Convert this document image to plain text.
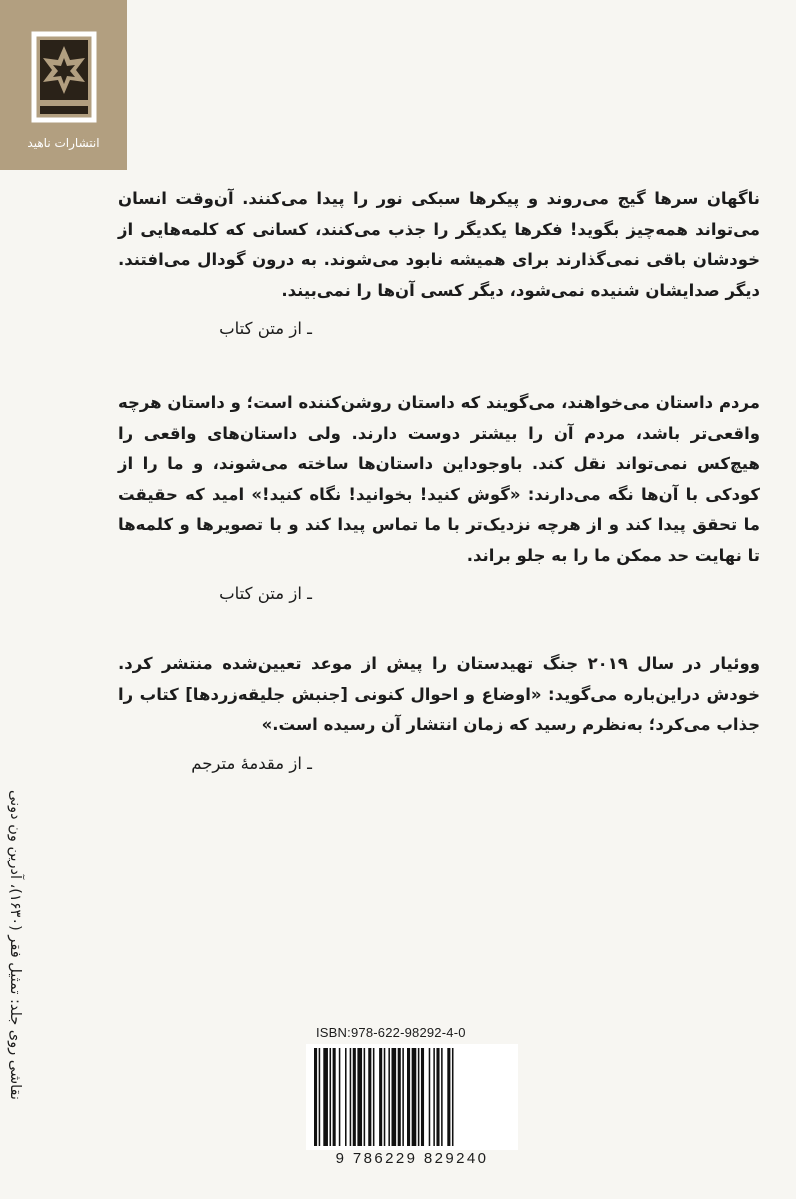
انتشارات ناهید

ناگهان سرها گیج می‌روند و پیکرها سبکی نور را پیدا می‌کنند. آن‌وقت انسان می‌تواند همه‌چیز بگوید! فکرها یکدیگر را جذب می‌کنند، کسانی که کلمه‌هایی از خودشان باقی نمی‌گذارند برای همیشه نابود می‌شوند. به درون گودال می‌افتند. دیگر صدایشان شنیده نمی‌شود، دیگر کسی آن‌ها را نمی‌بیند.

ـ از متن کتاب

مردم داستان می‌خواهند، می‌گویند که داستان روشن‌کننده است؛ و داستان هرچه واقعی‌تر باشد، مردم آن را بیشتر دوست دارند. ولی داستان‌های واقعی را هیچ‌کس نمی‌تواند نقل کند. باوجوداین داستان‌ها ساخته می‌شوند، و ما را از کودکی با آن‌ها نگه می‌دارند: «گوش کنید! بخوانید! نگاه کنید!» امید که حقیقت ما تحقق پیدا کند و از هرچه نزدیک‌تر با ما تماس پیدا کند و با تصویرها و کلمه‌ها تا نهایت حد ممکن ما را به جلو براند.

ـ از متن کتاب

ووئیار در سال ۲۰۱۹ جنگ تهیدستان را پیش از موعد تعیین‌شده منتشر کرد. خودش دراین‌باره می‌گوید: «اوضاع و احوال کنونی [جنبش جلیقه‌زردها] کتاب را جذاب می‌کرد؛ به‌نظرم رسید که زمان انتشار آن رسیده است.»

ـ از مقدمهٔ مترجم

نقاشی روی جلد: تمثیل فقر (۱۶۳۰)، آدرین ون دونی	ISBN:978-622-98292-4-0
9 786229 829240
